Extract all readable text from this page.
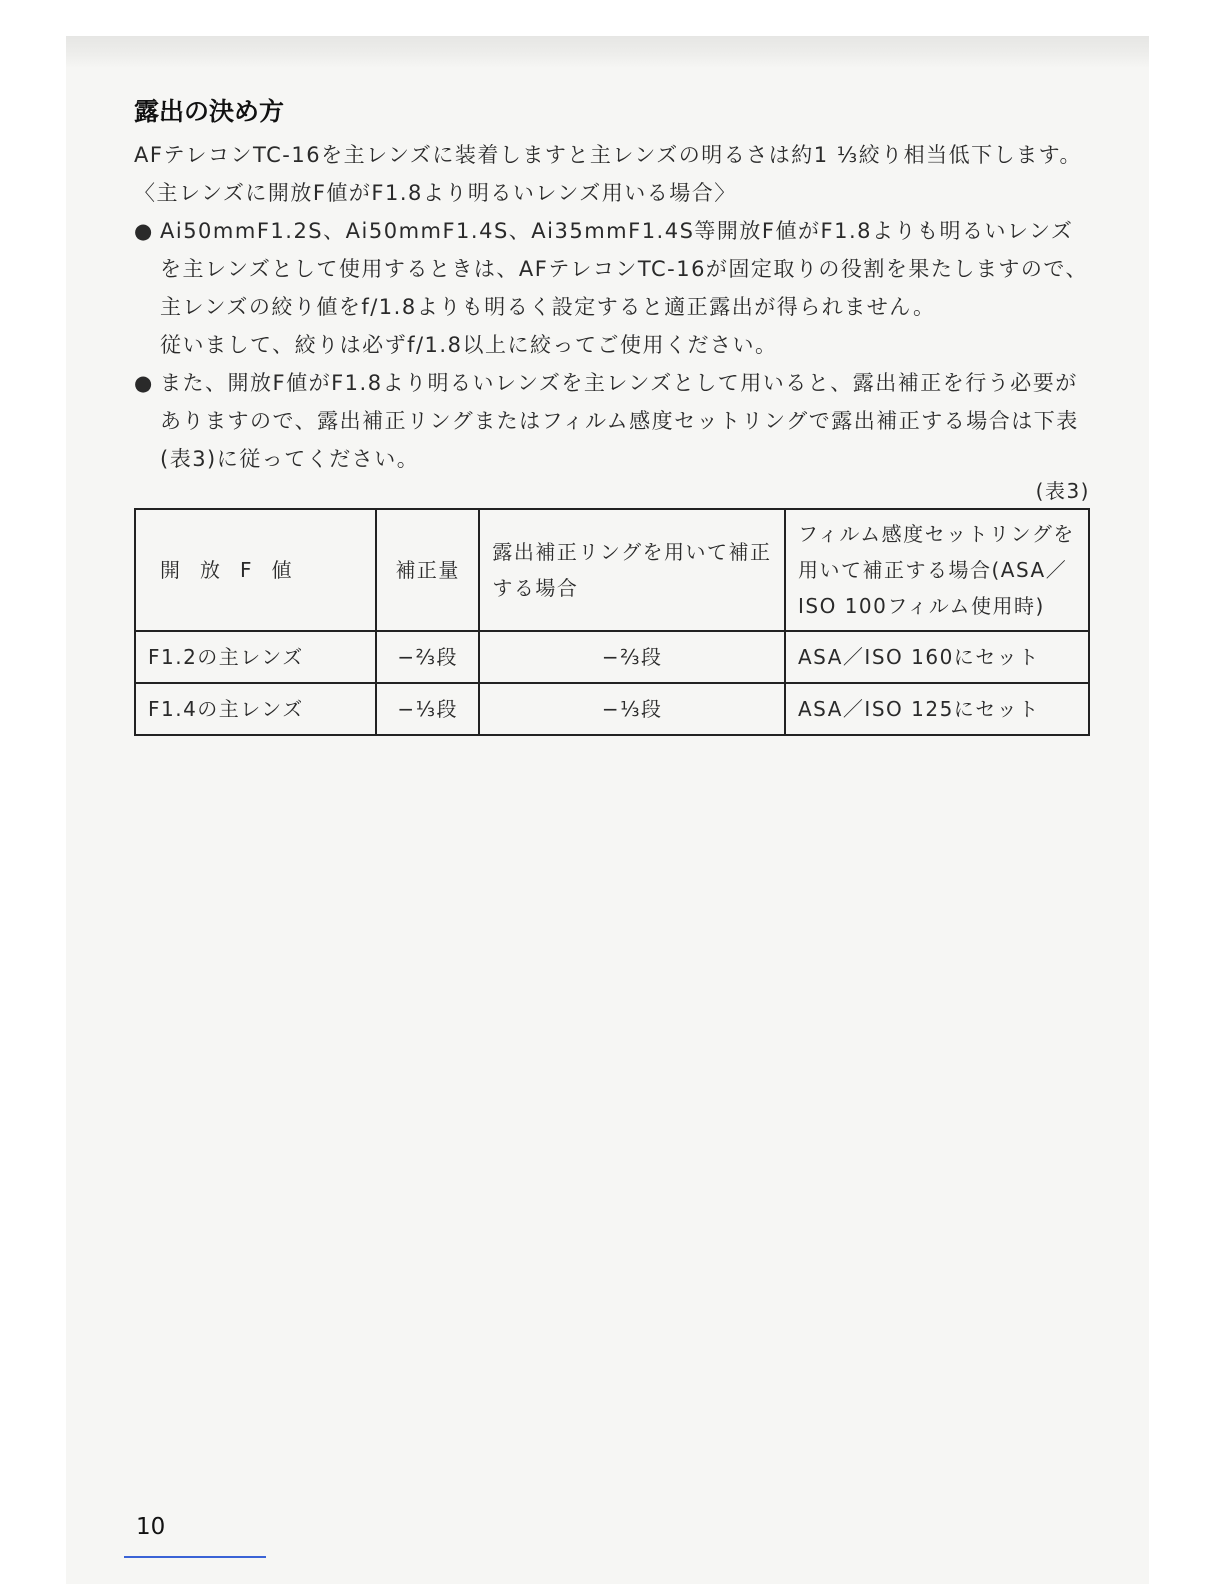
露出の決め方
AFテレコンTC-16を主レンズに装着しますと主レンズの明るさは約1 ⅓絞り相当低下します。
〈主レンズに開放F値がF1.8より明るいレンズ用いる場合〉
● Ai50mmF1.2S、Ai50mmF1.4S、Ai35mmF1.4S等開放F値がF1.8よりも明るいレンズを主レンズとして使用するときは、AFテレコンTC-16が固定取りの役割を果たしますので、主レンズの絞り値をf/1.8よりも明るく設定すると適正露出が得られません。
従いまして、絞りは必ずf/1.8以上に絞ってご使用ください。
● また、開放F値がF1.8より明るいレンズを主レンズとして用いると、露出補正を行う必要がありますので、露出補正リングまたはフィルム感度セットリングで露出補正する場合は下表(表3)に従ってください。
(表3)
開放F値	補正量	露出補正リングを用いて補正する場合	フィルム感度セットリングを用いて補正する場合(ASA／ISO 100フィルム使用時)
F1.2の主レンズ	−⅔段	−⅔段	ASA／ISO 160にセット
F1.4の主レンズ	−⅓段	−⅓段	ASA／ISO 125にセット
10
